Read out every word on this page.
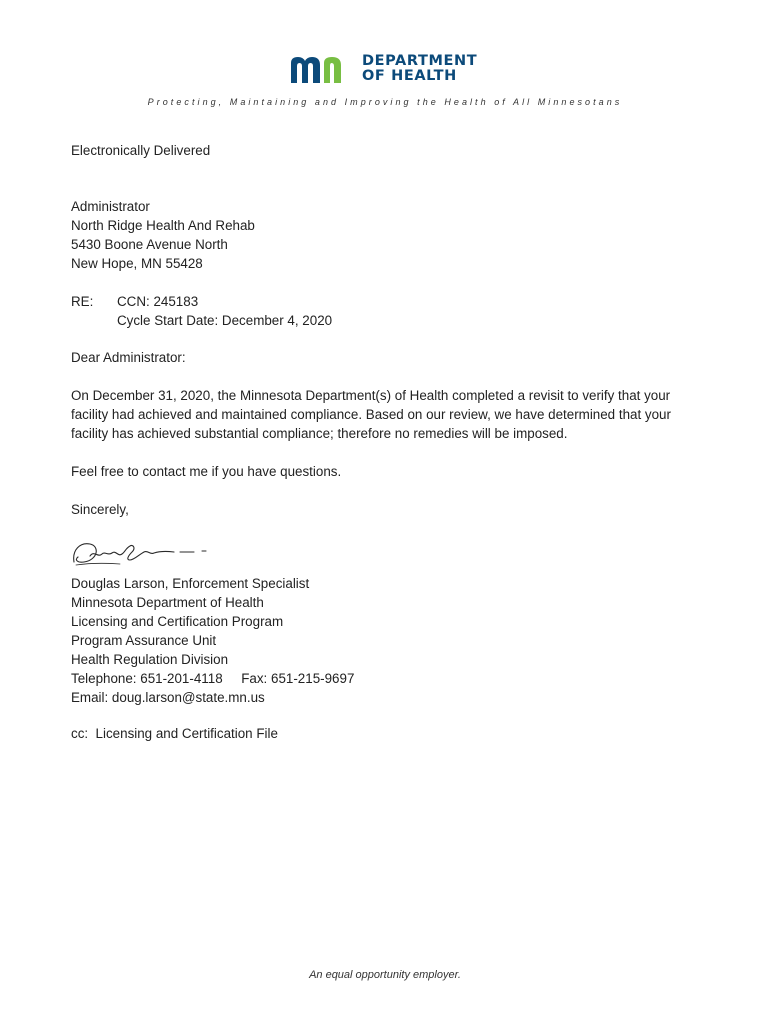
DEPARTMENT
OF HEALTH
Protecting, Maintaining and Improving the Health of All Minnesotans
Electronically Delivered
Administrator
North Ridge Health And Rehab
5430 Boone Avenue North
New Hope, MN 55428
RE: CCN: 245183
Cycle Start Date: December 4, 2020
Dear Administrator:
On December 31, 2020, the Minnesota Department(s) of Health completed a revisit to verify that your
facility had achieved and maintained compliance. Based on our review, we have determined that your
facility has achieved substantial compliance; therefore no remedies will be imposed.
Feel free to contact me if you have questions.
Sincerely,
Douglas Larson, Enforcement Specialist
Minnesota Department of Health
Licensing and Certification Program
Program Assurance Unit
Health Regulation Division
Telephone: 651-201-4118     Fax: 651-215-9697
Email: doug.larson@state.mn.us
cc:  Licensing and Certification File
An equal opportunity employer.
